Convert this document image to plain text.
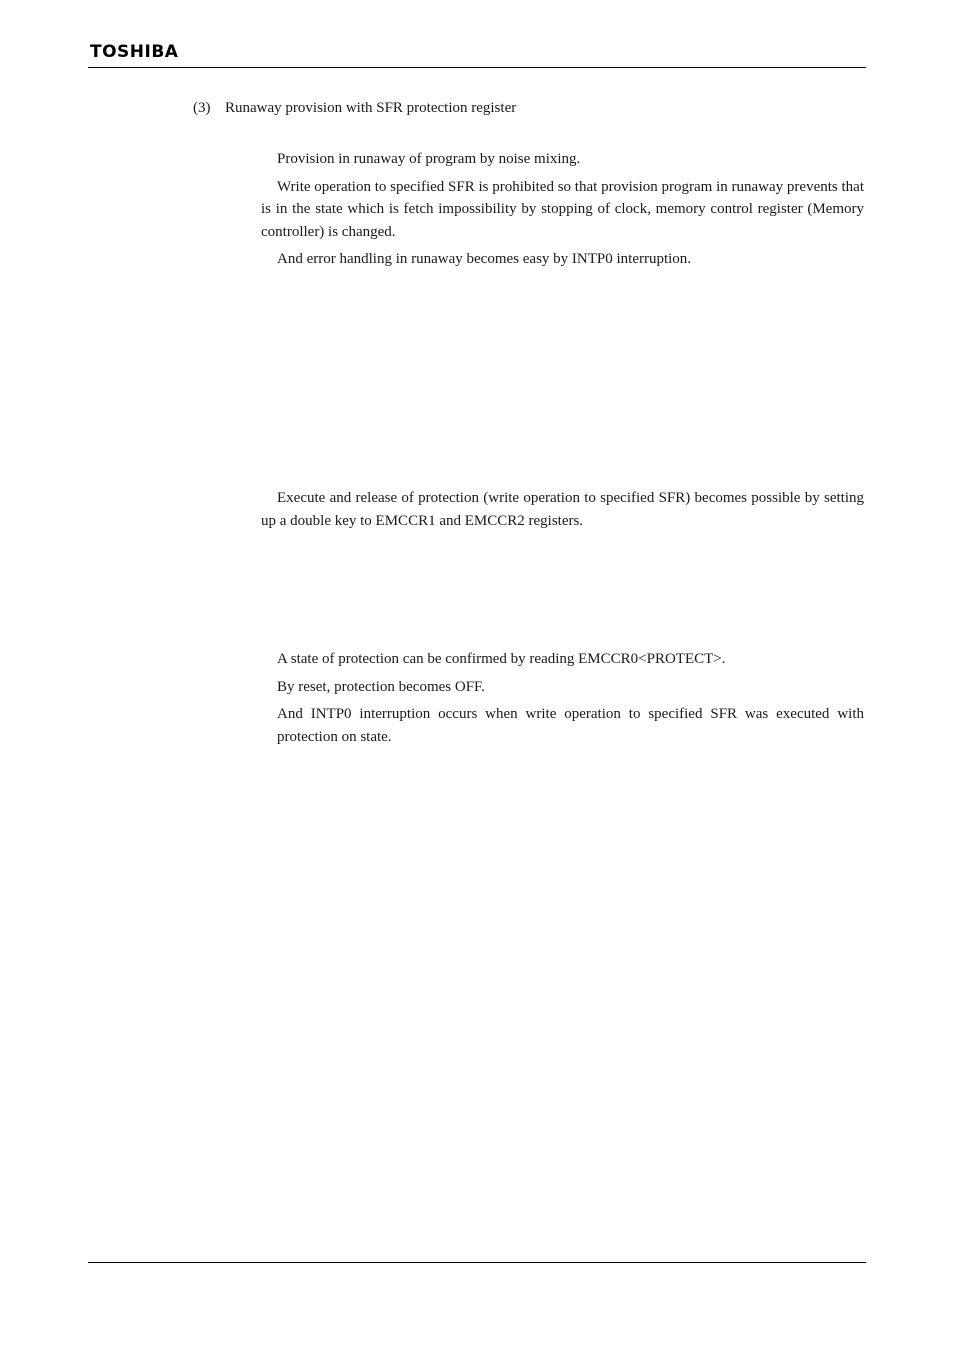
TOSHIBA
(3) Runaway provision with SFR protection register

Provision in runaway of program by noise mixing.

Write operation to specified SFR is prohibited so that provision program in runaway prevents that is in the state which is fetch impossibility by stopping of clock, memory control register (Memory controller) is changed.

And error handling in runaway becomes easy by INTP0 interruption.

Execute and release of protection (write operation to specified SFR) becomes possible by setting up a double key to EMCCR1 and EMCCR2 registers.

A state of protection can be confirmed by reading EMCCR0<PROTECT>.

By reset, protection becomes OFF.

And INTP0 interruption occurs when write operation to specified SFR was executed with protection on state.
